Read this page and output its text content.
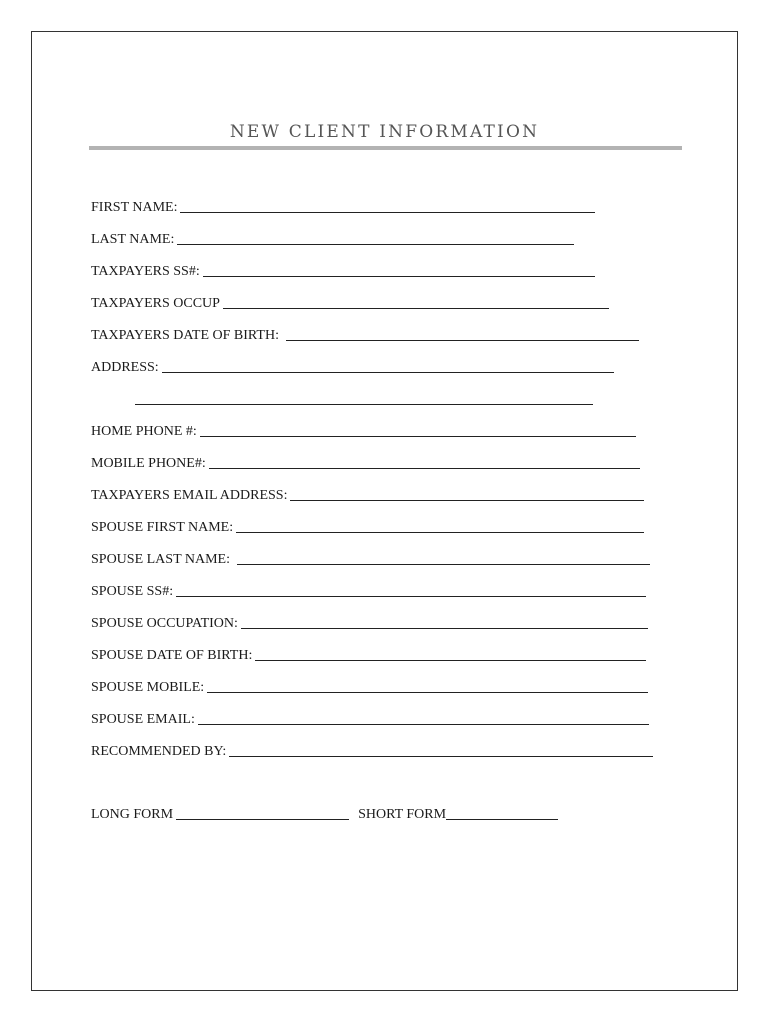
NEW CLIENT INFORMATION
FIRST NAME:
LAST NAME:
TAXPAYERS SS#:
TAXPAYERS OCCUP
TAXPAYERS DATE OF BIRTH:
ADDRESS:
HOME PHONE #:
MOBILE PHONE#:
TAXPAYERS EMAIL ADDRESS:
SPOUSE FIRST NAME:
SPOUSE LAST NAME:
SPOUSE SS#:
SPOUSE OCCUPATION:
SPOUSE DATE OF BIRTH:
SPOUSE MOBILE:
SPOUSE EMAIL:
RECOMMENDED BY:
LONG FORM	SHORT FORM
